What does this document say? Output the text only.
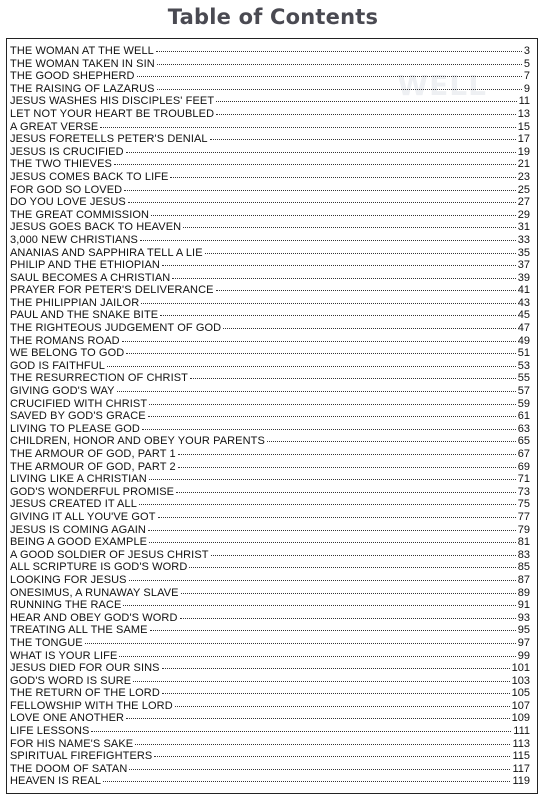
Table of Contents
WELL
THE WOMAN AT THE WELL	3
THE WOMAN TAKEN IN SIN	5
THE GOOD SHEPHERD	7
THE RAISING OF LAZARUS	9
JESUS WASHES HIS DISCIPLES' FEET	11
LET NOT YOUR HEART BE TROUBLED	13
A GREAT VERSE	15
JESUS FORETELLS PETER'S DENIAL	17
JESUS IS CRUCIFIED	19
THE TWO THIEVES	21
JESUS COMES BACK TO LIFE	23
FOR GOD SO LOVED	25
DO YOU LOVE JESUS	27
THE GREAT COMMISSION	29
JESUS GOES BACK TO HEAVEN	31
3,000 NEW CHRISTIANS	33
ANANIAS AND SAPPHIRA TELL A LIE	35
PHILIP AND THE ETHIOPIAN	37
SAUL BECOMES A CHRISTIAN	39
PRAYER FOR PETER'S DELIVERANCE	41
THE PHILIPPIAN JAILOR	43
PAUL AND THE SNAKE BITE	45
THE RIGHTEOUS JUDGEMENT OF GOD	47
THE ROMANS ROAD	49
WE BELONG TO GOD	51
GOD IS FAITHFUL	53
THE RESURRECTION OF CHRIST	55
GIVING GOD'S WAY	57
CRUCIFIED WITH CHRIST	59
SAVED BY GOD'S GRACE	61
LIVING TO PLEASE GOD	63
CHILDREN, HONOR AND OBEY YOUR PARENTS	65
THE ARMOUR OF GOD, PART 1	67
THE ARMOUR OF GOD, PART 2	69
LIVING LIKE A CHRISTIAN	71
GOD'S WONDERFUL PROMISE	73
JESUS CREATED IT ALL	75
GIVING IT ALL YOU'VE GOT	77
JESUS IS COMING AGAIN	79
BEING A GOOD EXAMPLE	81
A GOOD SOLDIER OF JESUS CHRIST	83
ALL SCRIPTURE IS GOD'S WORD	85
LOOKING FOR JESUS	87
ONESIMUS, A RUNAWAY SLAVE	89
RUNNING THE RACE	91
HEAR AND OBEY GOD'S WORD	93
TREATING ALL THE SAME	95
THE TONGUE	97
WHAT IS YOUR LIFE	99
JESUS DIED FOR OUR SINS	101
GOD'S WORD IS SURE	103
THE RETURN OF THE LORD	105
FELLOWSHIP WITH THE LORD	107
LOVE ONE ANOTHER	109
LIFE LESSONS	111
FOR HIS NAME'S SAKE	113
SPIRITUAL FIREFIGHTERS	115
THE DOOM OF SATAN	117
HEAVEN IS REAL	119
